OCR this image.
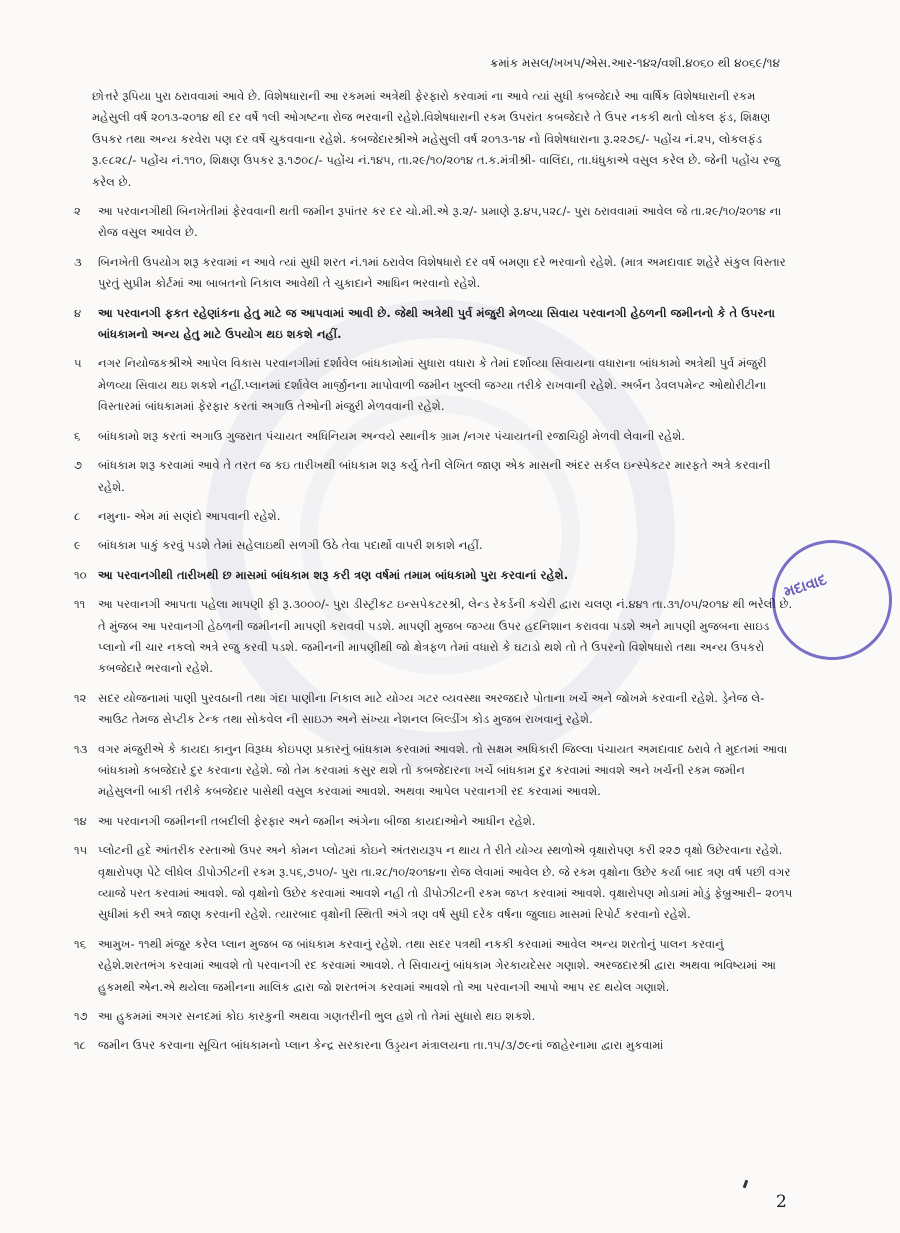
મદાવાદ
ક્રમાંક મસલ/ખખપ/એસ.આર-૧૪૨/વશી.૪૦૬૦ થી ૪૦૬૯/૧૪

છોત્તરે રૂપિયા પુરા ઠરાવવામાં આવે છે. વિશેષધારાની આ રકમમાં અત્રેથી ફેરફારો કરવામાં ના આવે ત્યાં સુધી કબજેદારે આ વાર્ષિક વિશેષધારાની રકમ મહેસુલી વર્ષ ૨૦૧૩-૨૦૧૪ થી દર વર્ષે ૧લી ઓગષ્ટના રોજ ભરવાની રહેશે.વિશેષધારાની રકમ ઉપરાંત કબજેદારે તે ઉપર નકકી થતો લોકલ ફંડ, શિક્ષણ ઉપકર તથા અન્ય કરવેરા પણ દર વર્ષે ચુકવવાના રહેશે. કબજેદારશ્રીએ મહેસુલી વર્ષ ૨૦૧૩-૧૪ નો વિશેષધારાના રૂ.૨૨૭૬/- પહોંચ નં.૨૫, લોકલફંડ રૂ.૯૮૨૮/- પહોંચ નં.૧૧૦, શિક્ષણ ઉપકર રૂ.૧૭૦૮/- પહોંચ નં.૧૪૫, તા.૨૯/૧૦/૨૦૧૪ ત.ક.મંત્રીશ્રી- વાલિંદા, તા.ધંધુકાએ વસુલ કરેલ છે. જેની પહોંચ રજુ કરેલ છે.

૨	આ પરવાનગીથી બિનખેતીમાં ફેરવવાની થતી જમીન રૂપાંતર કર દર ચો.મી.એ રૂ.૨/- પ્રમાણે રૂ.૪૫,૫૨૮/- પુરા ઠરાવવામાં આવેલ જે તા.૨૯/૧૦/૨૦૧૪ ના રોજ વસુલ આવેલ છે.
૩	બિનખેતી ઉપયોગ શરૂ કરવામાં ન આવે ત્યાં સુધી શરત નં.૧માં ઠરાવેલ વિશેષધારો દર વર્ષે બમણા દરે ભરવાનો રહેશે. (માત્ર અમદાવાદ શહેરે સંકુલ વિસ્તાર પુરતું સુપ્રીમ કોર્ટમાં આ બાબતનો નિકાલ આવેથી તે ચુકાદાને આધિન ભરવાનો રહેશે.
૪	આ પરવાનગી ફકત રહેણાંકના હેતુ માટે જ આપવામાં આવી છે. જેથી અત્રેથી પુર્વ મંજુરી મેળવ્યા સિવાય પરવાનગી હેઠળની જમીનનો કે તે ઉપરના બાંધકામનો અન્ય હેતુ માટે ઉપયોગ થઇ શકશે નહીં.
૫	નગર નિયોજકશ્રીએ આપેલ વિકાસ પરવાનગીમાં દર્શાવેલ બાંધકામોમાં સુધારા વધારા કે તેમાં દર્શાવ્યા સિવાયના વધારાના બાંધકામો અત્રેથી પુર્વ મંજુરી મેળવ્યા સિવાય થઇ શકશે નહીં.પ્લાનમાં દર્શાવેલ માર્જીનના માપોવાળી જમીન ખુલ્લી જગ્યા તરીકે રાખવાની રહેશે. અર્બન ડેવલપમેન્ટ ઓથોરીટીના વિસ્તારમાં બાંધકામમાં ફેરફાર કરતાં અગાઉ તેઓની મંજુરી મેળવવાની રહેશે.
૬	બાંધકામો શરૂ કરતાં અગાઉ ગુજરાત પંચાયત અધિનિયમ અન્વયે સ્થાનીક ગ્રામ /નગર પંચાયતની રજાચિઠ્ઠી મેળવી લેવાની રહેશે.
૭	બાંધકામ શરૂ કરવામાં આવે તે તરત જ કઇ તારીખથી બાંધકામ શરૂ કર્યુ તેની લેખિત જાણ એક માસની અંદર સર્કલ ઇન્સ્પેકટર મારફતે અત્રે કરવાની રહેશે.
૮	નમુના- એમ માં સણંદો આપવાની રહેશે.
૯	બાંધકામ પાકું કરવું પડશે તેમાં સહેલાઇથી સળગી ઉઠે તેવા પદાર્થો વાપરી શકાશે નહીં.
૧૦ આ પરવાનગીથી તારીખથી છ માસમાં બાંધકામ શરૂ કરી ત્રણ વર્ષમાં તમામ બાંધકામો પુરા કરવાનાં રહેશે.
૧૧	આ પરવાનગી આપતા પહેલા માપણી ફી રૂ.૩૦૦૦/- પુરા ડીસ્ટ્રીકટ ઇન્સપેકટરશ્રી, લેન્ડ રેકર્ડની કચેરી દ્વારા ચલણ નં.૪૪૧ તા.૩૧/૦૫/૨૦૧૪ થી ભરેલી છે. તે મુંજબ આ પરવાનગી હેઠળની જમીનની માપણી કરાવવી પડશે. માપણી મુજબ જગ્યા ઉપર હદનિશાન કરાવવા પડશે અને માપણી મુજબના સાઇડ પ્લાનો ની ચાર નકલો અત્રે રજુ કરવી પડશે. જમીનની માપણીથી જો ક્ષેત્રફળ તેમાં વધારો કે ઘટાડો થશે તો તે ઉપરનો વિશેષધારો તથા અન્ય ઉપકરો કબજેદારે ભરવાનો રહેશે.
૧૨ સદર યોજનામાં પાણી પુરવઠાની તથા ગંદા પાણીના નિકાલ માટે યોગ્ય ગટર વ્યવસ્થા અરજદારે પોતાના ખર્ચે અને જોખમે કરવાની રહેશે. ડ્રેનેજ લે-આઉટ તેમજ સેપ્ટીક ટેન્ક તથા સોકવેલ ની સાઇઝ અને સંખ્યા નેશનલ બિલ્ડીંગ કોડ મુજબ રાખવાનું રહેશે.
૧૩ વગર મંજુરીએ કે કાયદા કાનુન વિરૂધ્ધ કોઇપણ પ્રકારનું બાંધકામ કરવામાં આવશે. તો સક્ષમ અધિકારી જિલ્લા પંચાયત અમદાવાદ ઠરાવે તે મુદતમાં આવા બાંધકામો કબજેદારે દુર કરવાના રહેશે. જો તેમ કરવામાં કસુર થશે તો કબજેદારના ખર્ચે બાંધકામ દુર કરવામાં આવશે અને ખર્ચની રકમ જમીન મહેસુલની બાકી તરીકે કબજેદાર પાસેથી વસુલ કરવામાં આવશે. અથવા આપેલ પરવાનગી રદ કરવામાં આવશે.
૧૪ આ પરવાનગી જમીનની તબદીલી ફેરફાર અને જમીન અંગેના બીજા કાયદાઓને આધીન રહેશે.
૧૫ પ્લોટની હદે આંતરીક રસ્તાઓ ઉપર અને કોમન પ્લોટમાં કોઇને અંતરાયરૂપ ન થાય તે રીતે યોગ્ય સ્થળોએ વૃક્ષારોપણ કરી ૨૨૭ વૃક્ષો ઉછેરવાના રહેશે. વૃક્ષારોપણ પેટે લીધેલ ડીપોઝીટની રકમ રૂ.૫૬,૭૫૦/- પુરા તા.૨૮/૧૦/૨૦૧૪ના રોજ લેવામાં આવેલ છે. જે રકમ વૃક્ષોના ઉછેર કર્યા બાદ ત્રણ વર્ષ પછી વગર વ્યાજે પરત કરવામાં આવશે. જો વૃક્ષોનો ઉછેર કરવામાં આવશે નહી તો ડીપોઝીટની રકમ જપ્ત કરવામાં આવશે. વૃક્ષારોપણ મોડામાં મોડું ફેબ્રુઆરી– ૨૦૧૫ સુધીમાં કરી અત્રે જાણ કરવાની રહેશે. ત્યારબાદ વૃક્ષોની સ્થિતી અંગે ત્રણ વર્ષ સુધી દરેક વર્ષના જુલાઇ માસમાં રિપોર્ટ કરવાનો રહેશે.
૧૬	આમુખ- ૧૧થી મંજુર કરેલ પ્લાન મુજબ જ બાંધકામ કરવાનું રહેશે. તથા સદર પત્રથી નકકી કરવામાં આવેલ અન્ય શરતોનું પાલન કરવાનું રહેશે.શરતભંગ કરવામાં આવશે તો પરવાનગી રદ કરવામાં આવશે. તે સિવાયનું બાંધકામ ગેરકાયદેસર ગણાશે. અરજદારશ્રી દ્વારા અથવા ભવિષ્યમાં આ હુકમથી એન.એ થયેલા જમીનના માલિક દ્વારા જો શરતભંગ કરવામાં આવશે તો આ પરવાનગી આપો આપ રદ થયેલ ગણાશે.
૧૭ આ હુકમમાં અગર સનદમાં કોઇ કારકુની અથવા ગણતરીની ભુલ હશે તો તેમાં સુધારો થઇ શકશે.
૧૮	જમીન ઉપર કરવાના સૂચિત બાંધકામનો પ્લાન કેન્દ્ર સરકારના ઉડ્ડયન મંત્રાલયના તા.૧૫/૩/૭૯નાં જાહેરનામા દ્વારા મુકવામાં
2
